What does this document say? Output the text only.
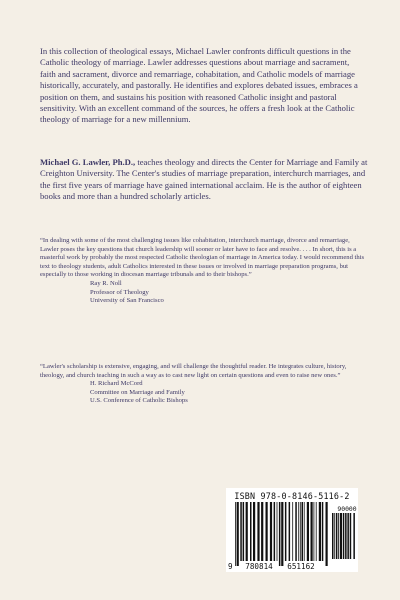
In this collection of theological essays, Michael Lawler confronts difficult questions in the Catholic theology of marriage. Lawler addresses questions about marriage and sacrament, faith and sacrament, divorce and remarriage, cohabitation, and Catholic models of marriage historically, accurately, and pastorally. He identifies and explores debated issues, embraces a position on them, and sustains his position with reasoned Catholic insight and pastoral sensitivity. With an excellent command of the sources, he offers a fresh look at the Catholic theology of marriage for a new millennium.

Michael G. Lawler, Ph.D., teaches theology and directs the Center for Marriage and Family at Creighton University. The Center's studies of marriage preparation, interchurch marriages, and the first five years of marriage have gained international acclaim. He is the author of eighteen books and more than a hundred scholarly articles.

“In dealing with some of the most challenging issues like cohabitation, interchurch marriage, divorce and remarriage, Lawler poses the key questions that church leadership will sooner or later have to face and resolve. . . . In short, this is a masterful work by probably the most respected Catholic theologian of marriage in America today. I would recommend this text to theology students, adult Catholics interested in these issues or involved in marriage preparation programs, but especially to those working in diocesan marriage tribunals and to their bishops.”

Ray R. Noll

Professor of Theology

University of San Francisco

“Lawler's scholarship is extensive, engaging, and will challenge the thoughtful reader. He integrates culture, history, theology, and church teaching in such a way as to cast new light on certain questions and even to raise new ones.”

H. Richard McCord

Committee on Marriage and Family

U.S. Conference of Catholic Bishops

ISBN 978-0-8146-5116-2
90000
9 780814 651162
